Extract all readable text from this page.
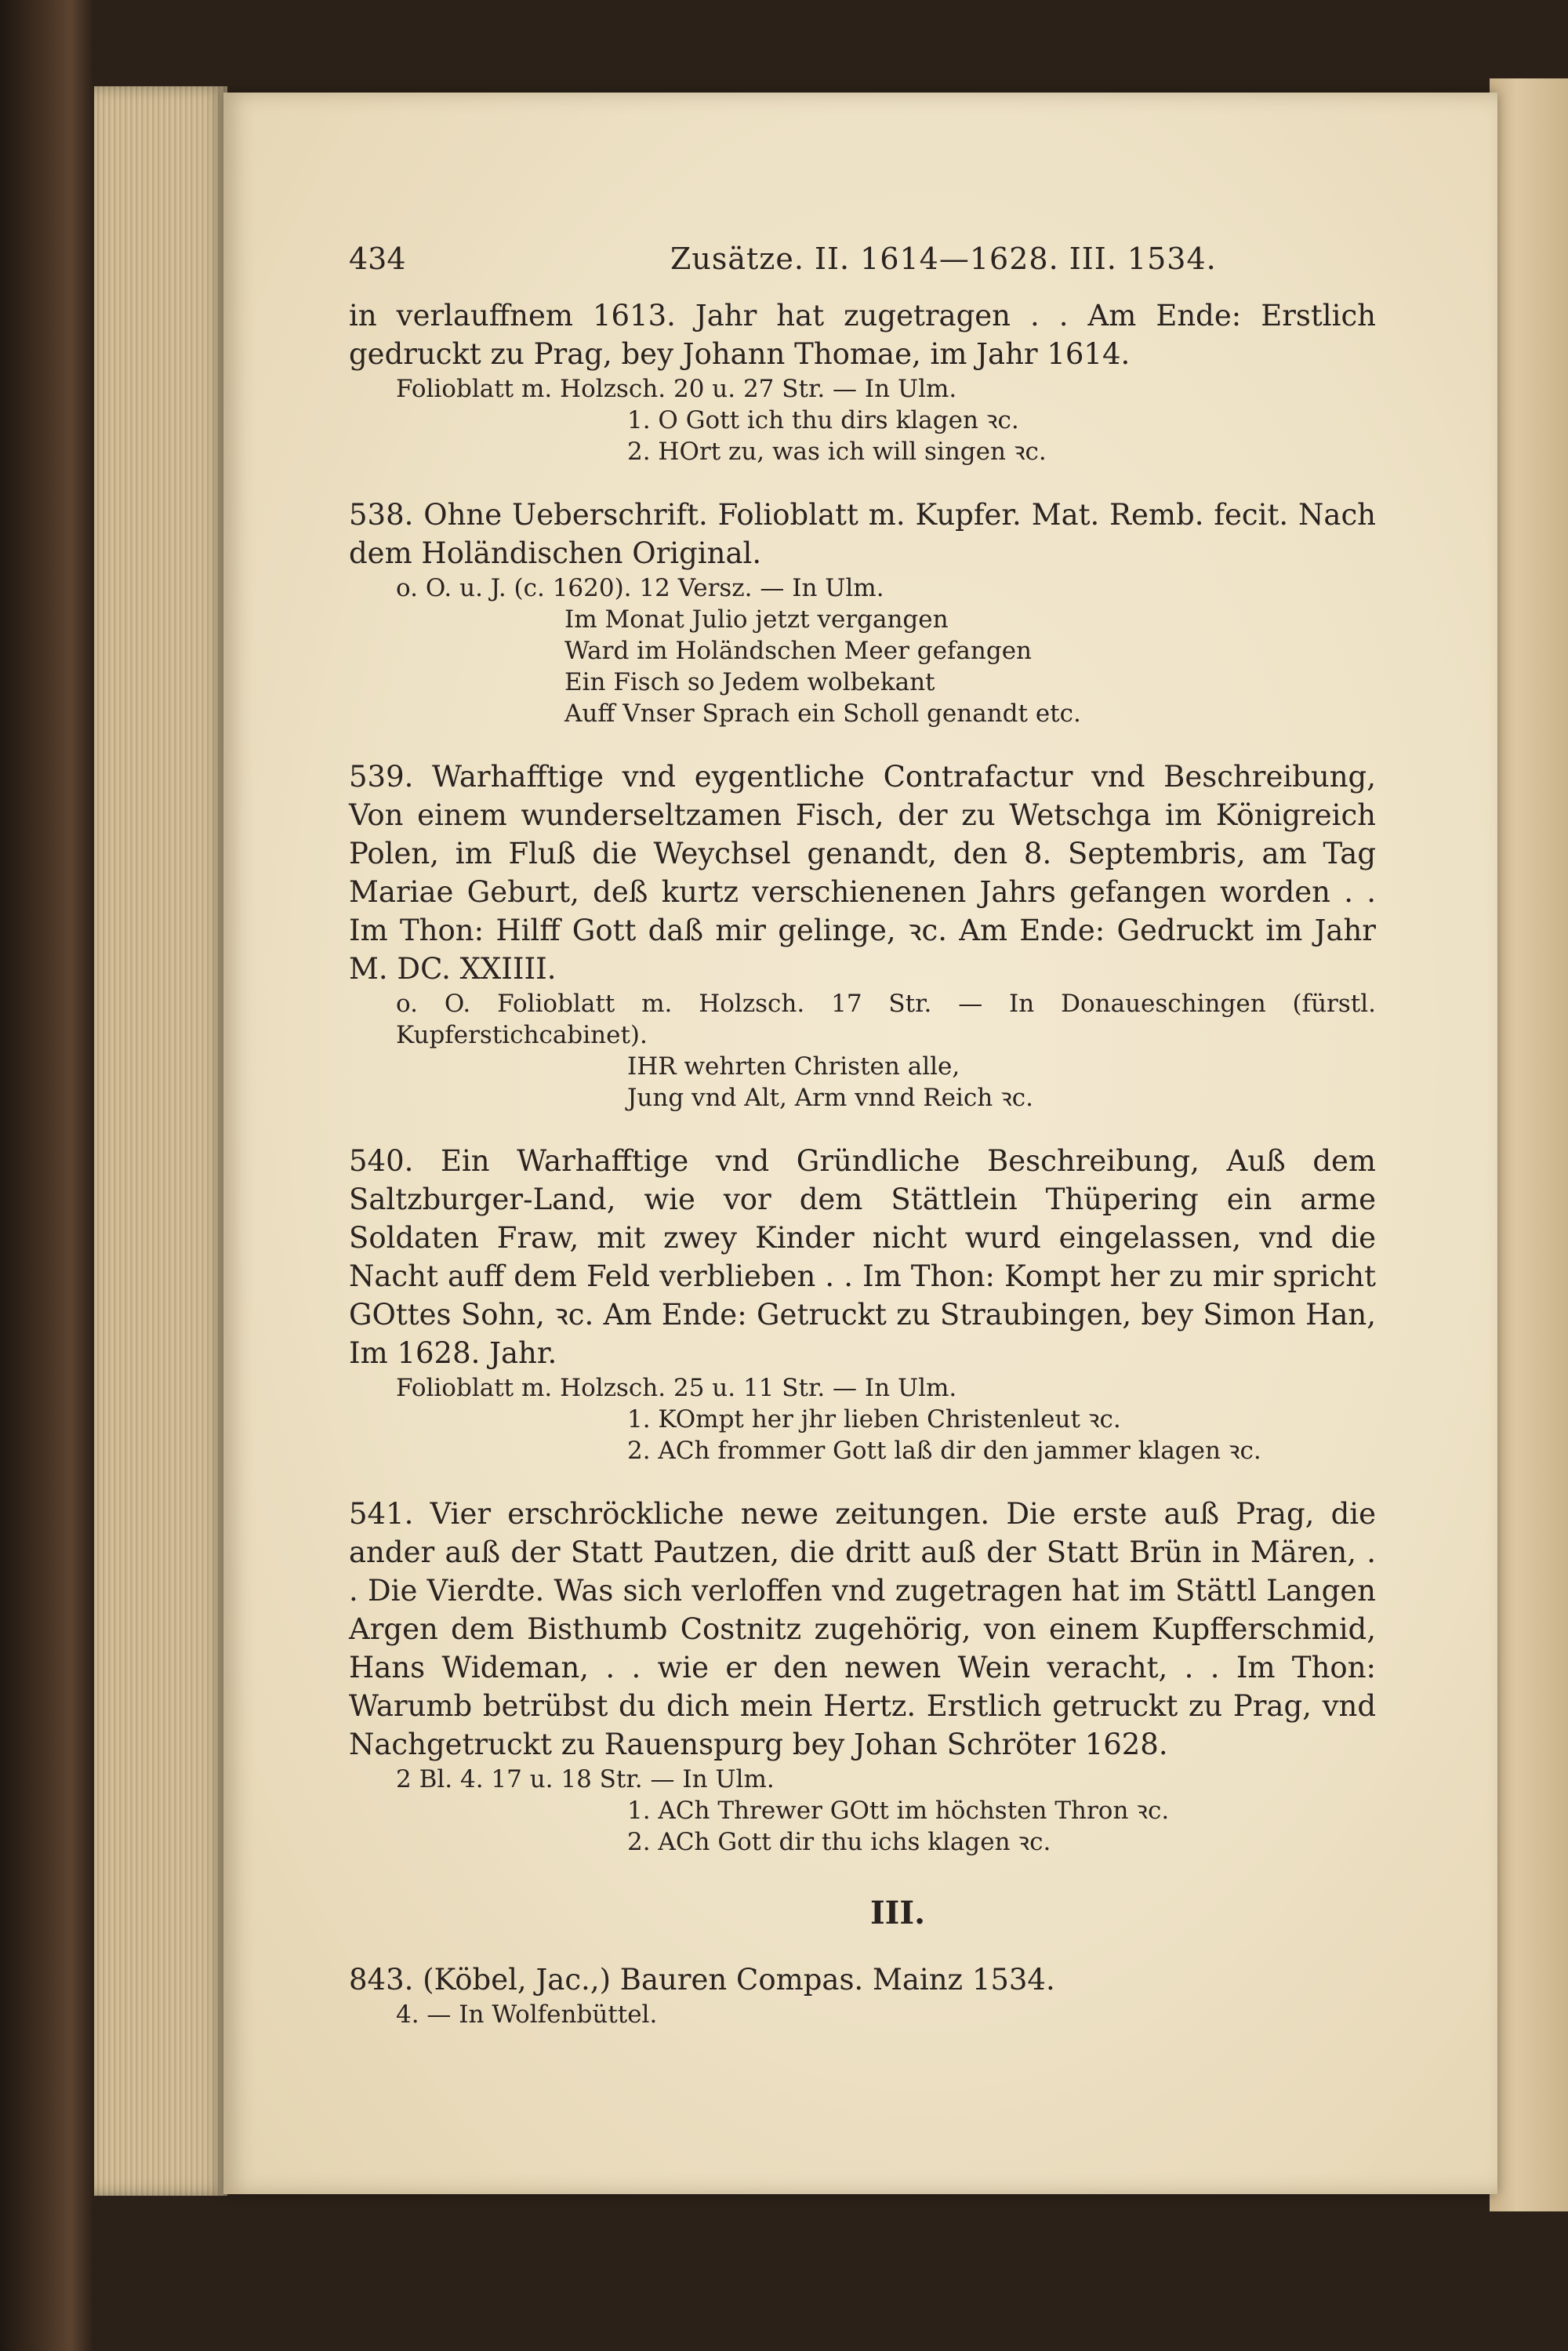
434	Zusätze. II. 1614—1628. III. 1534.

in verlauffnem 1613. Jahr hat zugetragen . . Am Ende: Erstlich gedruckt zu Prag, bey Johann Thomae, im Jahr 1614.

Folioblatt m. Holzsch. 20 u. 27 Str. — In Ulm.
1. O Gott ich thu dirs klagen ꝛc.
2. HOrt zu, was ich will singen ꝛc.

538. Ohne Ueberschrift. Folioblatt m. Kupfer. Mat. Remb. fecit. Nach dem Holändischen Original.

o. O. u. J. (c. 1620). 12 Versz. — In Ulm.
Im Monat Julio jetzt vergangen
Ward im Holändschen Meer gefangen
Ein Fisch so Jedem wolbekant
Auff Vnser Sprach ein Scholl genandt etc.

539. Warhafftige vnd eygentliche Contrafactur vnd Beschreibung, Von einem wunderseltzamen Fisch, der zu Wetschga im Königreich Polen, im Fluß die Weychsel genandt, den 8. Septembris, am Tag Mariae Geburt, deß kurtz verschienenen Jahrs gefangen worden . . Im Thon: Hilff Gott daß mir gelinge, ꝛc. Am Ende: Gedruckt im Jahr M. DC. XXIIII.

o. O. Folioblatt m. Holzsch. 17 Str. — In Donaueschingen (fürstl. Kupferstichcabinet).
IHR wehrten Christen alle,
Jung vnd Alt, Arm vnnd Reich ꝛc.

540. Ein Warhafftige vnd Gründliche Beschreibung, Auß dem Saltzburger-Land, wie vor dem Stättlein Thüpering ein arme Soldaten Fraw, mit zwey Kinder nicht wurd eingelassen, vnd die Nacht auff dem Feld verblieben . . Im Thon: Kompt her zu mir spricht GOttes Sohn, ꝛc. Am Ende: Getruckt zu Straubingen, bey Simon Han, Im 1628. Jahr.

Folioblatt m. Holzsch. 25 u. 11 Str. — In Ulm.
1. KOmpt her jhr lieben Christenleut ꝛc.
2. ACh frommer Gott laß dir den jammer klagen ꝛc.

541. Vier erschröckliche newe zeitungen. Die erste auß Prag, die ander auß der Statt Pautzen, die dritt auß der Statt Brün in Mären, . . Die Vierdte. Was sich verloffen vnd zugetragen hat im Stättl Langen Argen dem Bisthumb Costnitz zugehörig, von einem Kupfferschmid, Hans Wideman, . . wie er den newen Wein veracht, . . Im Thon: Warumb betrübst du dich mein Hertz. Erstlich getruckt zu Prag, vnd Nachgetruckt zu Rauenspurg bey Johan Schröter 1628.

2 Bl. 4. 17 u. 18 Str. — In Ulm.
1. ACh Threwer GOtt im höchsten Thron ꝛc.
2. ACh Gott dir thu ichs klagen ꝛc.
III.

843. (Köbel, Jac.,) Bauren Compas. Mainz 1534.

4. — In Wolfenbüttel.
